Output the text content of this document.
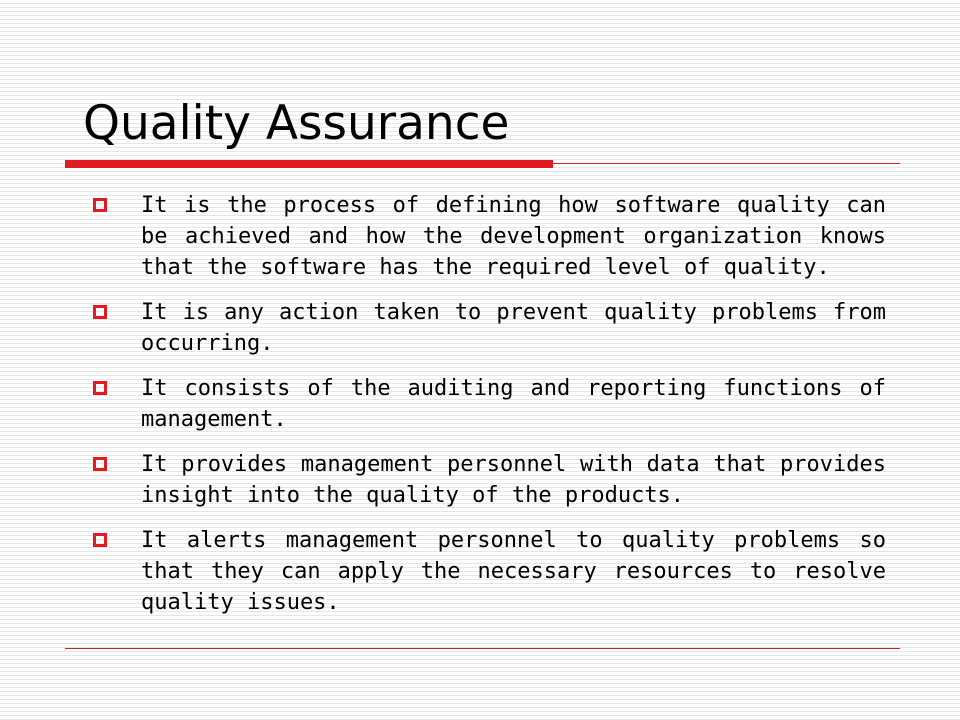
Quality Assurance
It is the process of defining how software quality can be achieved and how the development organization knows that the software has the required level of quality.
It is any action taken to prevent quality problems from occurring.
It consists of the auditing and reporting functions of management.
It provides management personnel with data that provides insight into the quality of the products.
It alerts management personnel to quality problems so that they can apply the necessary resources to resolve quality issues.
